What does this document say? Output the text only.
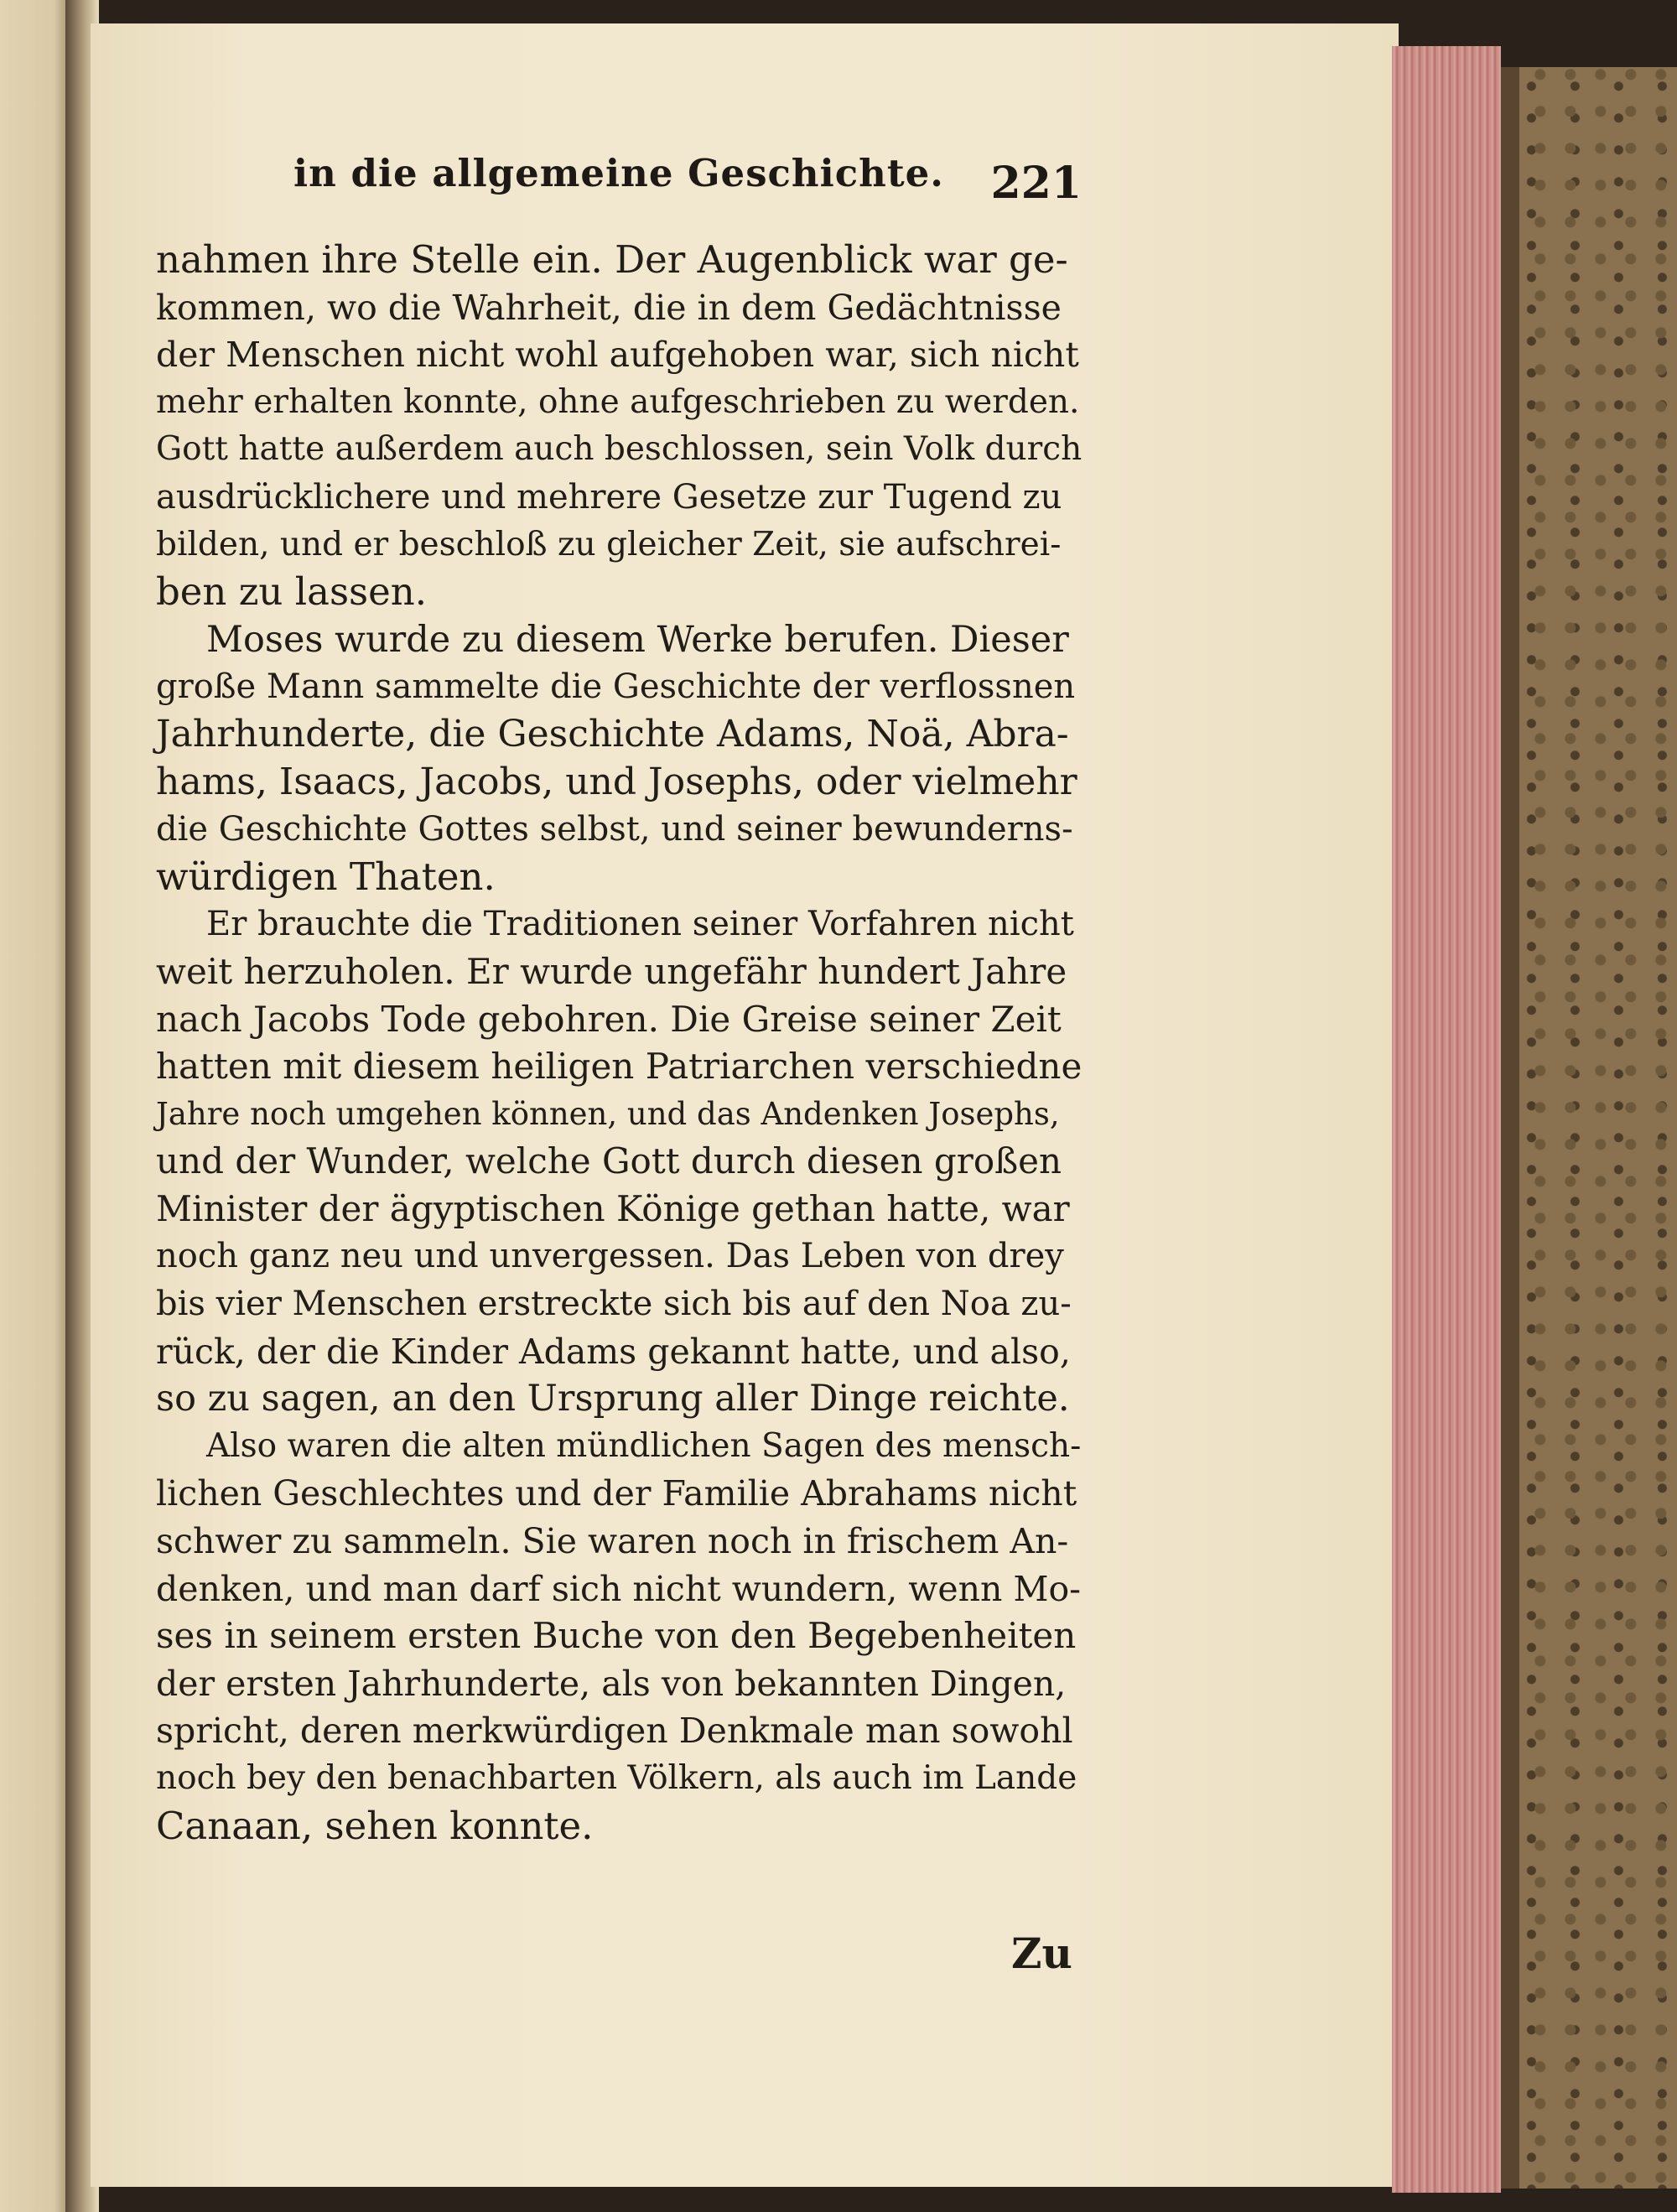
in die allgemeine Geschichte. 221
nahmen ihre Stelle ein. Der Augenblick war ge-
kommen, wo die Wahrheit, die in dem Gedächtnisse
der Menschen nicht wohl aufgehoben war, sich nicht
mehr erhalten konnte, ohne aufgeschrieben zu werden.
Gott hatte außerdem auch beschlossen, sein Volk durch
ausdrücklichere und mehrere Gesetze zur Tugend zu
bilden, und er beschloß zu gleicher Zeit, sie aufschrei-
ben zu lassen.
Moses wurde zu diesem Werke berufen. Dieser
große Mann sammelte die Geschichte der verflossnen
Jahrhunderte, die Geschichte Adams, Noä, Abra-
hams, Isaacs, Jacobs, und Josephs, oder vielmehr
die Geschichte Gottes selbst, und seiner bewunderns-
würdigen Thaten.
Er brauchte die Traditionen seiner Vorfahren nicht
weit herzuholen. Er wurde ungefähr hundert Jahre
nach Jacobs Tode gebohren. Die Greise seiner Zeit
hatten mit diesem heiligen Patriarchen verschiedne
Jahre noch umgehen können, und das Andenken Josephs,
und der Wunder, welche Gott durch diesen großen
Minister der ägyptischen Könige gethan hatte, war
noch ganz neu und unvergessen. Das Leben von drey
bis vier Menschen erstreckte sich bis auf den Noa zu-
rück, der die Kinder Adams gekannt hatte, und also,
so zu sagen, an den Ursprung aller Dinge reichte.
Also waren die alten mündlichen Sagen des mensch-
lichen Geschlechtes und der Familie Abrahams nicht
schwer zu sammeln. Sie waren noch in frischem An-
denken, und man darf sich nicht wundern, wenn Mo-
ses in seinem ersten Buche von den Begebenheiten
der ersten Jahrhunderte, als von bekannten Dingen,
spricht, deren merkwürdigen Denkmale man sowohl
noch bey den benachbarten Völkern, als auch im Lande
Canaan, sehen konnte.
Zu
